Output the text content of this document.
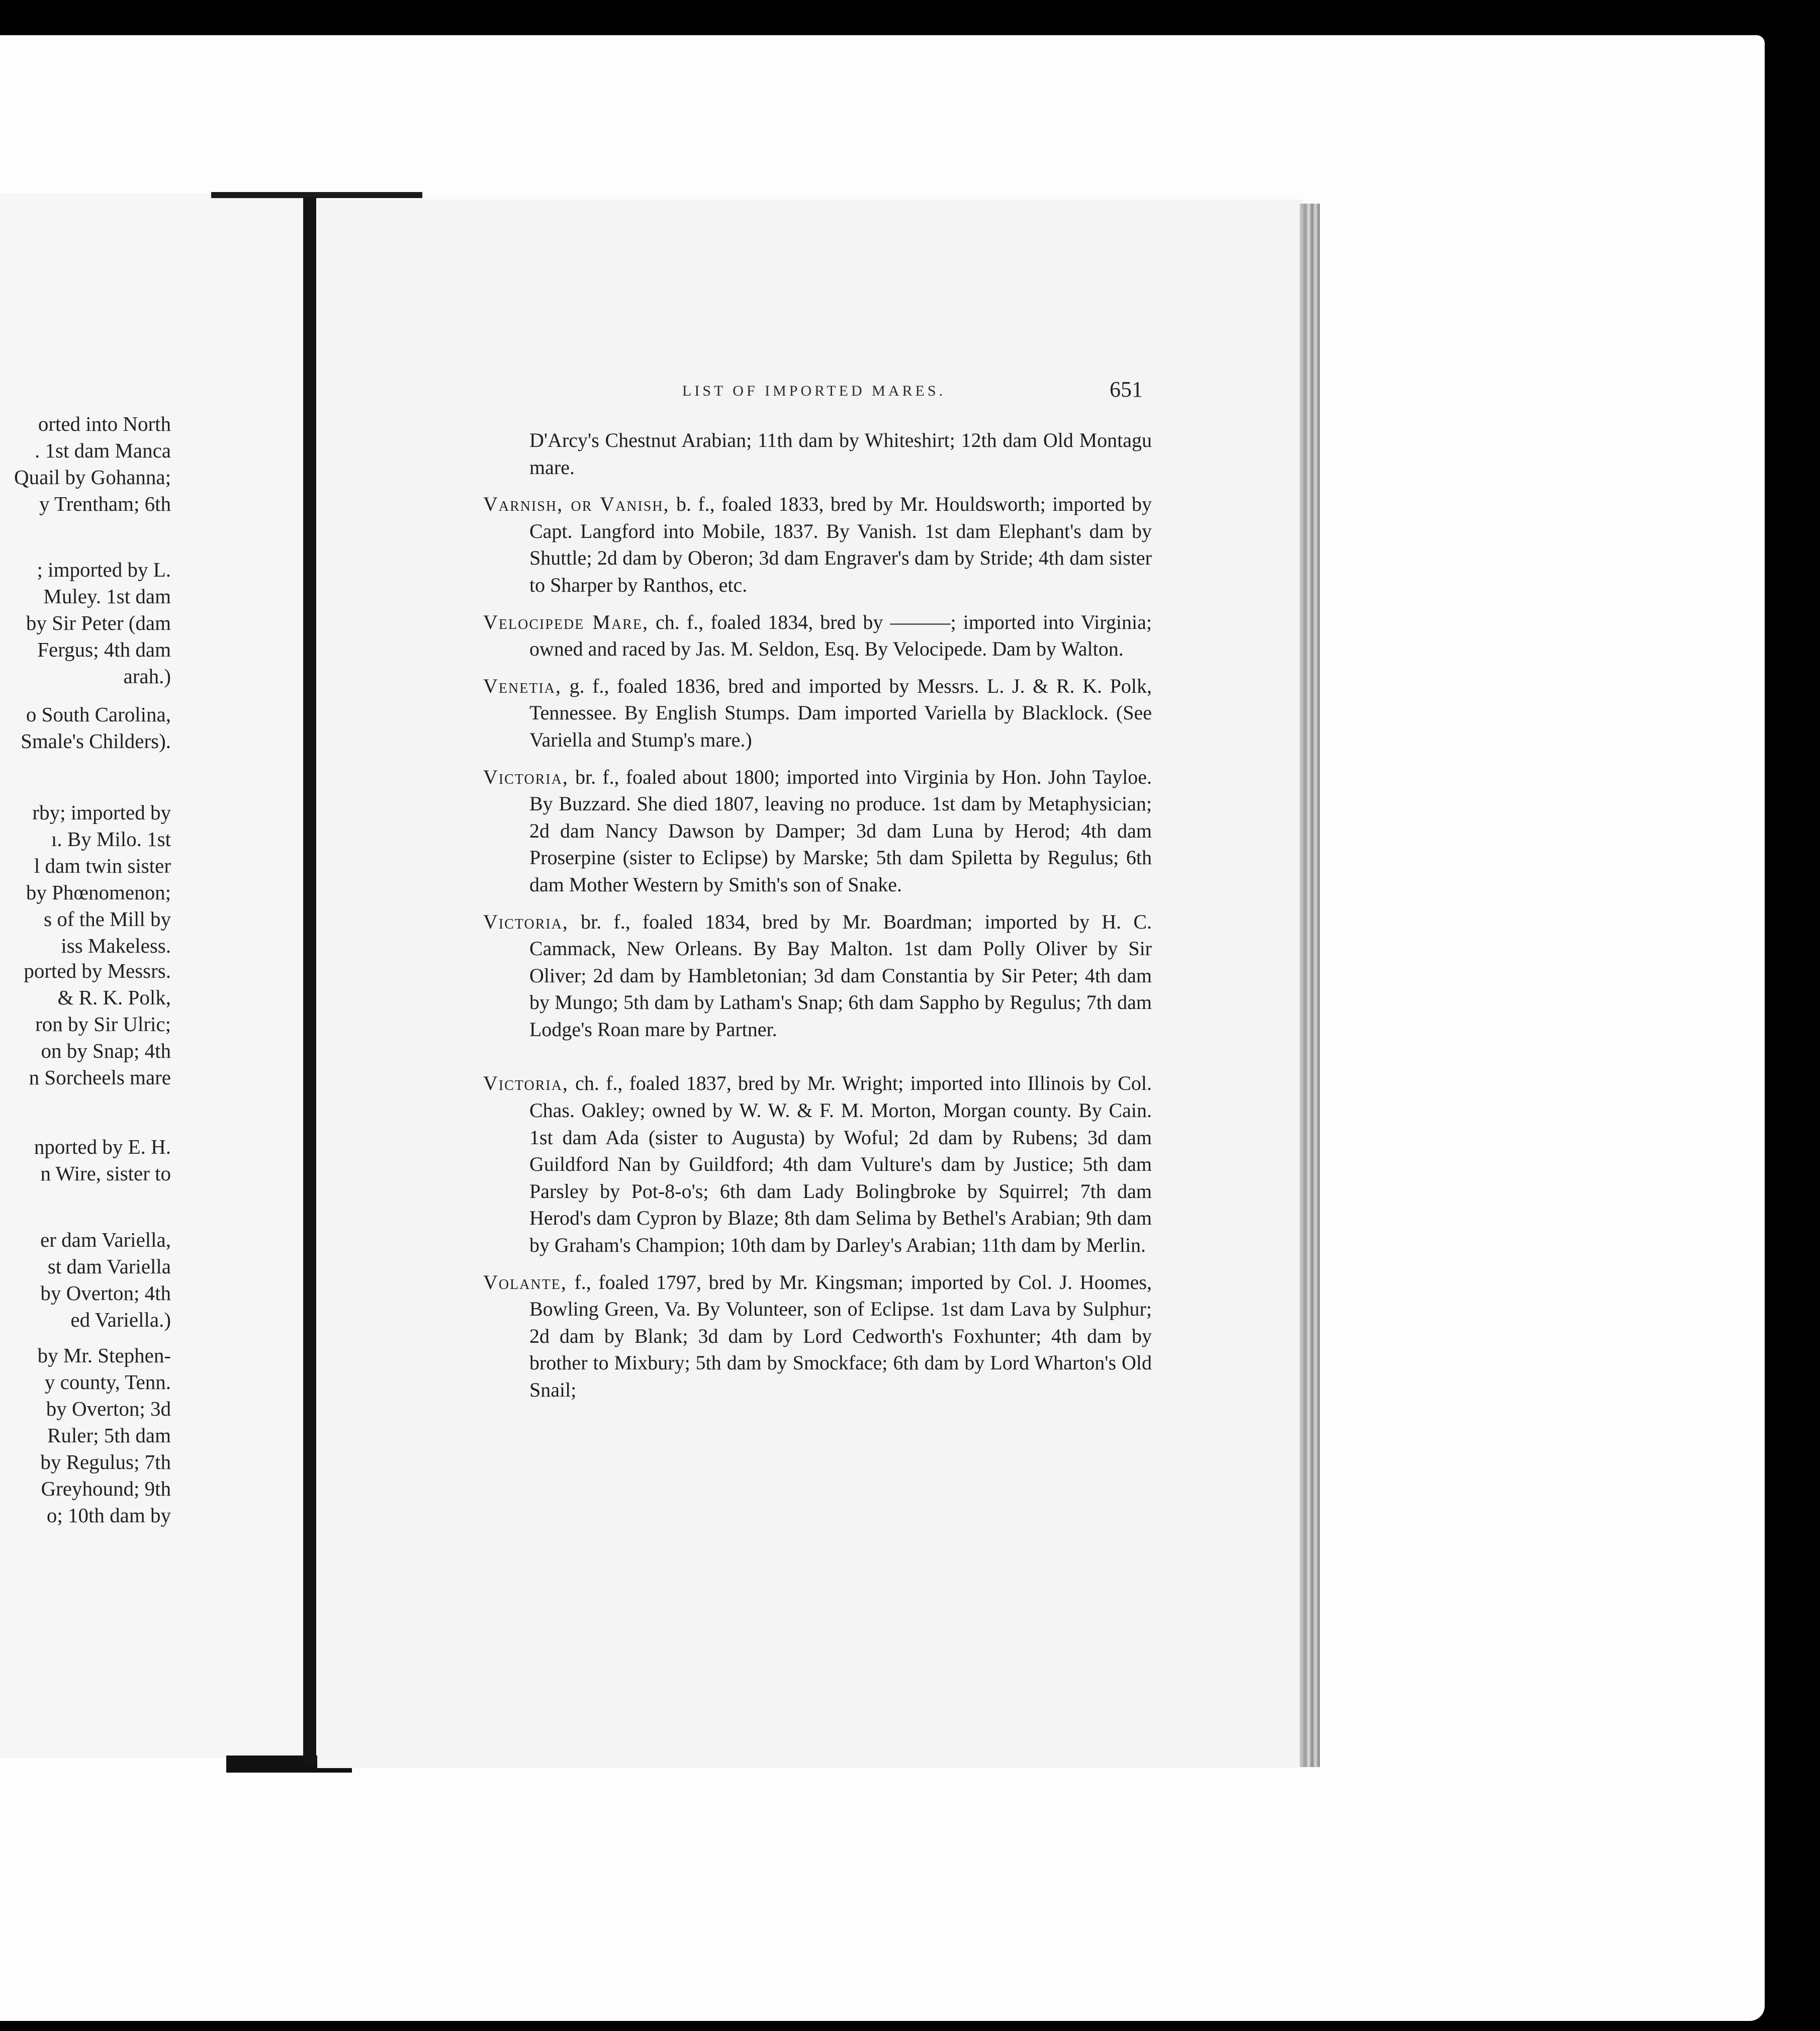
orted into North
. 1st dam Manca
Quail by Gohanna;
y Trentham; 6th
; imported by L.
Muley. 1st dam
by Sir Peter (dam
Fergus; 4th dam
arah.)
o South Carolina,
Smale's Childers).
rby; imported by
ı. By Milo. 1st
l dam twin sister
by Phœnomenon;
s of the Mill by
iss Makeless.
ported by Messrs.
& R. K. Polk,
ron by Sir Ulric;
on by Snap; 4th
n Sorcheels mare
nported by E. H.
n Wire, sister to
er dam Variella,
st dam Variella
by Overton; 4th
ed Variella.)
by Mr. Stephen-
y county, Tenn.
by Overton; 3d
Ruler; 5th dam
by Regulus; 7th
Greyhound; 9th
o; 10th dam by
LIST OF IMPORTED MARES.	651
D'Arcy's Chestnut Arabian; 11th dam by Whiteshirt; 12th dam Old Montagu mare.
Varnish, or Vanish, b. f., foaled 1833, bred by Mr. Houldsworth; imported by Capt. Langford into Mobile, 1837. By Vanish. 1st dam Elephant's dam by Shuttle; 2d dam by Oberon; 3d dam Engraver's dam by Stride; 4th dam sister to Sharper by Ranthos, etc.
Velocipede Mare, ch. f., foaled 1834, bred by ———; imported into Virginia; owned and raced by Jas. M. Seldon, Esq. By Velocipede. Dam by Walton.
Venetia, g. f., foaled 1836, bred and imported by Messrs. L. J. & R. K. Polk, Tennessee. By English Stumps. Dam imported Variella by Blacklock. (See Variella and Stump's mare.)
Victoria, br. f., foaled about 1800; imported into Virginia by Hon. John Tayloe. By Buzzard. She died 1807, leaving no produce. 1st dam by Metaphysician; 2d dam Nancy Dawson by Damper; 3d dam Luna by Herod; 4th dam Proserpine (sister to Eclipse) by Marske; 5th dam Spiletta by Regulus; 6th dam Mother Western by Smith's son of Snake.
Victoria, br. f., foaled 1834, bred by Mr. Boardman; imported by H. C. Cammack, New Orleans. By Bay Malton. 1st dam Polly Oliver by Sir Oliver; 2d dam by Hambletonian; 3d dam Constantia by Sir Peter; 4th dam by Mungo; 5th dam by Latham's Snap; 6th dam Sappho by Regulus; 7th dam Lodge's Roan mare by Partner.
Victoria, ch. f., foaled 1837, bred by Mr. Wright; imported into Illinois by Col. Chas. Oakley; owned by W. W. & F. M. Morton, Morgan county. By Cain. 1st dam Ada (sister to Augusta) by Woful; 2d dam by Rubens; 3d dam Guildford Nan by Guildford; 4th dam Vulture's dam by Justice; 5th dam Parsley by Pot-8-o's; 6th dam Lady Bolingbroke by Squirrel; 7th dam Herod's dam Cypron by Blaze; 8th dam Selima by Bethel's Arabian; 9th dam by Graham's Champion; 10th dam by Darley's Arabian; 11th dam by Merlin.
Volante, f., foaled 1797, bred by Mr. Kingsman; imported by Col. J. Hoomes, Bowling Green, Va. By Volunteer, son of Eclipse. 1st dam Lava by Sulphur; 2d dam by Blank; 3d dam by Lord Cedworth's Foxhunter; 4th dam by brother to Mixbury; 5th dam by Smockface; 6th dam by Lord Wharton's Old Snail;
